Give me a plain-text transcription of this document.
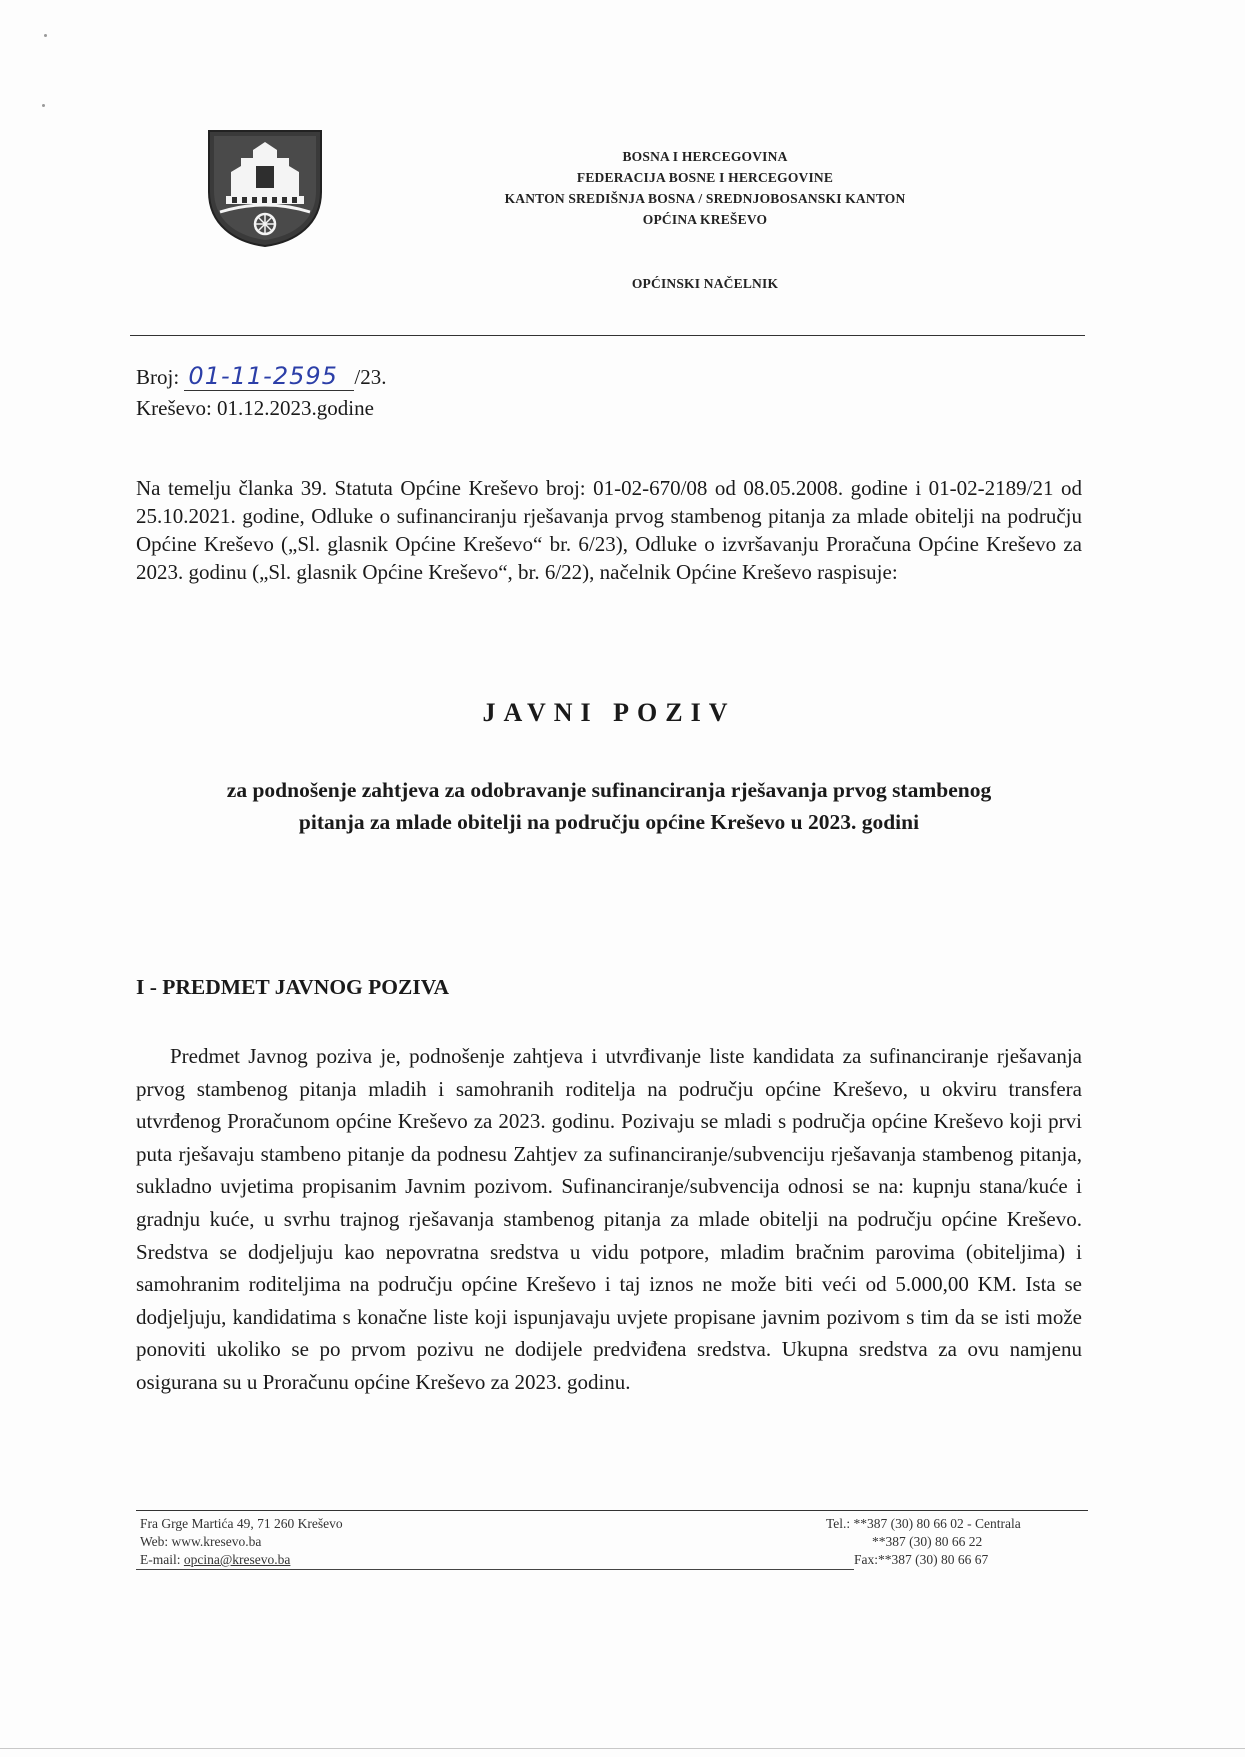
BOSNA I HERCEGOVINA
FEDERACIJA BOSNE I HERCEGOVINE
KANTON SREDIŠNJA BOSNA / SREDNJOBOSANSKI KANTON
OPĆINA KREŠEVO
OPĆINSKI NAČELNIK
Broj: 01-11-2595 /23.
Kreševo: 01.12.2023.godine
Na temelju članka 39. Statuta Općine Kreševo broj: 01-02-670/08 od 08.05.2008. godine i 01-02-2189/21 od 25.10.2021. godine, Odluke o sufinanciranju rješavanja prvog stambenog pitanja za mlade obitelji na području Općine Kreševo („Sl. glasnik Općine Kreševo“ br. 6/23), Odluke o izvršavanju Proračuna Općine Kreševo za 2023. godinu („Sl. glasnik Općine Kreševo“, br. 6/22), načelnik Općine Kreševo raspisuje:
JAVNI POZIV
za podnošenje zahtjeva za odobravanje sufinanciranja rješavanja prvog stambenog
pitanja za mlade obitelji na području općine Kreševo u 2023. godini
I - PREDMET JAVNOG POZIVA
Predmet Javnog poziva je, podnošenje zahtjeva i utvrđivanje liste kandidata za sufinanciranje rješavanja prvog stambenog pitanja mladih i samohranih roditelja na području općine Kreševo, u okviru transfera utvrđenog Proračunom općine Kreševo za 2023. godinu. Pozivaju se mladi s područja općine Kreševo koji prvi puta rješavaju stambeno pitanje da podnesu Zahtjev za sufinanciranje/subvenciju rješavanja stambenog pitanja, sukladno uvjetima propisanim Javnim pozivom. Sufinanciranje/subvencija odnosi se na: kupnju stana/kuće i gradnju kuće, u svrhu trajnog rješavanja stambenog pitanja za mlade obitelji na području općine Kreševo. Sredstva se dodjeljuju kao nepovratna sredstva u vidu potpore, mladim bračnim parovima (obiteljima) i samohranim roditeljima na području općine Kreševo i taj iznos ne može biti veći od 5.000,00 KM. Ista se dodjeljuju, kandidatima s konačne liste koji ispunjavaju uvjete propisane javnim pozivom s tim da se isti može ponoviti ukoliko se po prvom pozivu ne dodijele predviđena sredstva. Ukupna sredstva za ovu namjenu osigurana su u Proračunu općine Kreševo za 2023. godinu.
Fra Grge Martića 49, 71 260 Kreševo
Web: www.kresevo.ba
E-mail: opcina@kresevo.ba
Tel.: **387 (30) 80 66 02 - Centrala
**387 (30) 80 66 22
Fax:**387 (30) 80 66 67
